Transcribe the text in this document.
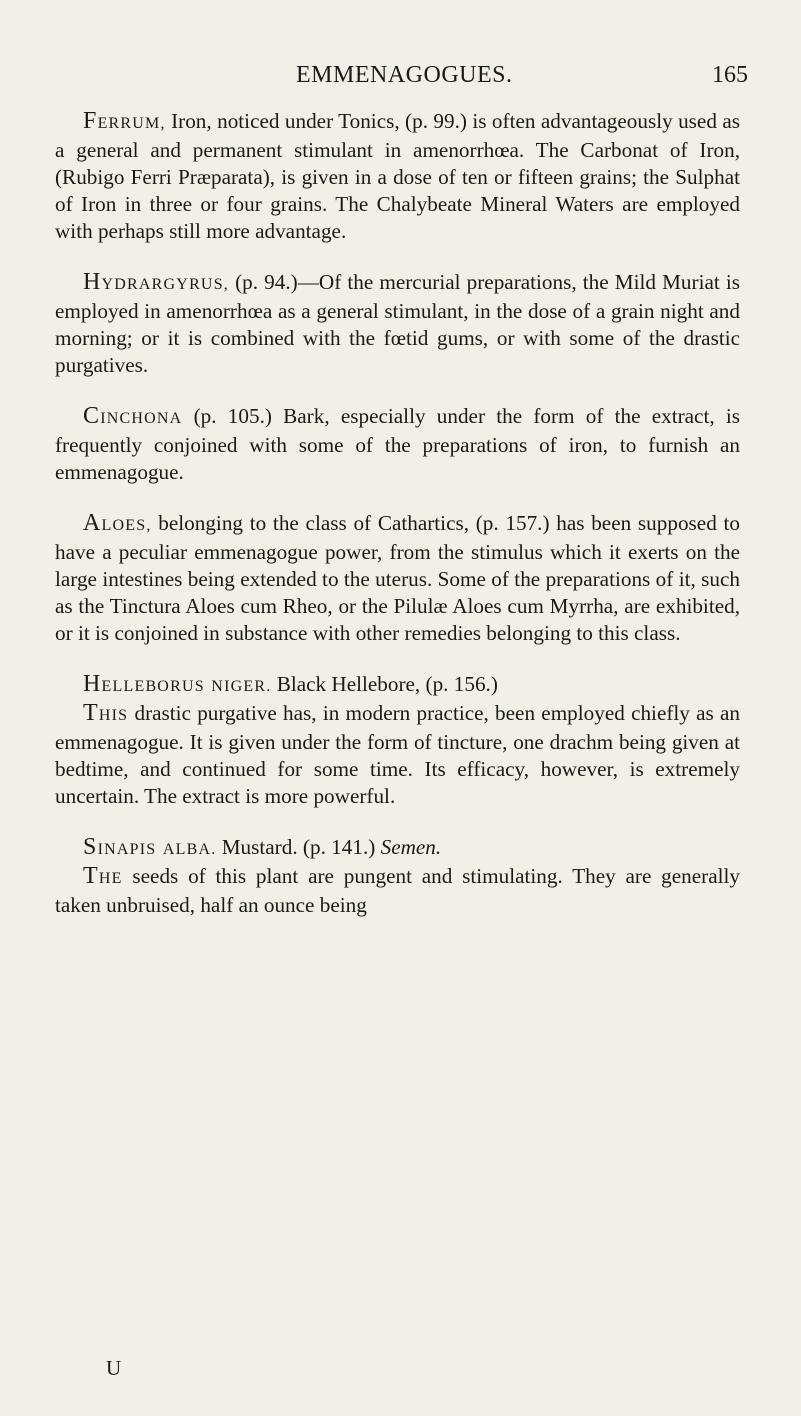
EMMENAGOGUES.	165

FERRUM, Iron, noticed under Tonics, (p. 99.) is often advantageously used as a general and permanent stimulant in amenorrhœa. The Carbonat of Iron, (Rubigo Ferri Præparata), is given in a dose of ten or fifteen grains; the Sulphat of Iron in three or four grains. The Chalybeate Mineral Waters are employed with perhaps still more advantage.

HYDRARGYRUS, (p. 94.)—Of the mercurial preparations, the Mild Muriat is employed in amenorrhœa as a general stimulant, in the dose of a grain night and morning; or it is combined with the fœtid gums, or with some of the drastic purgatives.

CINCHONA (p. 105.) Bark, especially under the form of the extract, is frequently conjoined with some of the preparations of iron, to furnish an emmenagogue.

ALOES, belonging to the class of Cathartics, (p. 157.) has been supposed to have a peculiar emmenagogue power, from the stimulus which it exerts on the large intestines being extended to the uterus. Some of the preparations of it, such as the Tinctura Aloes cum Rheo, or the Pilulæ Aloes cum Myrrha, are exhibited, or it is conjoined in substance with other remedies belonging to this class.

HELLEBORUS NIGER. Black Hellebore, (p. 156.)

THIS drastic purgative has, in modern practice, been employed chiefly as an emmenagogue. It is given under the form of tincture, one drachm being given at bedtime, and continued for some time. Its efficacy, however, is extremely uncertain. The extract is more powerful.

SINAPIS ALBA. Mustard. (p. 141.) Semen.

THE seeds of this plant are pungent and stimulating. They are generally taken unbruised, half an ounce being

U
